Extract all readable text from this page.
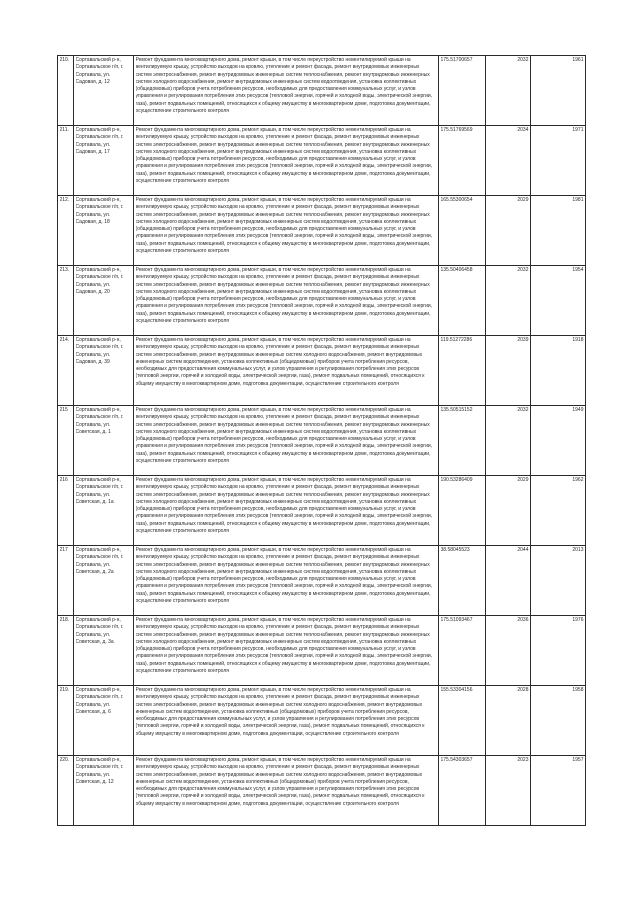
210.	Сортавальский р-н, Сортавальское г/п, г. Сортавала, ул. Садовая, д. 12	Ремонт фундамента многоквартирного дома, ремонт крыши, в том числе переустройство невентилируемой крыши на вентилируемую крышу, устройство выходов на кровлю, утепление и ремонт фасада, ремонт внутридомовых инженерных систем электроснабжения, ремонт внутридомовых инженерных систем теплоснабжения, ремонт внутридомовых инженерных систем холодного водоснабжения, ремонт внутридомовых инженерных систем водоотведения, установка коллективных (общедомовых) приборов учета потребления ресурсов, необходимых для предоставления коммунальных услуг, и узлов управления и регулирования потребления этих ресурсов (тепловой энергии, горячей и холодной воды, электрической энергии, газа), ремонт подвальных помещений, относящихся к общему имуществу в многоквартирном доме, подготовка документации, осуществление строительного контроля	175.51700657	2032	1961

211.	Сортавальский р-н, Сортавальское г/п, г. Сортавала, ул. Садовая, д. 17	Ремонт фундамента многоквартирного дома, ремонт крыши, в том числе переустройство невентилируемой крыши на вентилируемую крышу, устройство выходов на кровлю, утепление и ремонт фасада, ремонт внутридомовых инженерных систем электроснабжения, ремонт внутридомовых инженерных систем теплоснабжения, ремонт внутридомовых инженерных систем холодного водоснабжения, ремонт внутридомовых инженерных систем водоотведения, установка коллективных (общедомовых) приборов учета потребления ресурсов, необходимых для предоставления коммунальных услуг, и узлов управления и регулирования потребления этих ресурсов (тепловой энергии, горячей и холодной воды, электрической энергии, газа), ремонт подвальных помещений, относящихся к общему имуществу в многоквартирном доме, подготовка документации, осуществление строительного контроля	175.51769569	2034	1971

212.	Сортавальский р-н, Сортавальское г/п, г. Сортавала, ул. Садовая, д. 18	Ремонт фундамента многоквартирного дома, ремонт крыши, в том числе переустройство невентилируемой крыши на вентилируемую крышу, устройство выходов на кровлю, утепление и ремонт фасада, ремонт внутридомовых инженерных систем электроснабжения, ремонт внутридомовых инженерных систем теплоснабжения, ремонт внутридомовых инженерных систем холодного водоснабжения, ремонт внутридомовых инженерных систем водоотведения, установка коллективных (общедомовых) приборов учета потребления ресурсов, необходимых для предоставления коммунальных услуг, и узлов управления и регулирования потребления этих ресурсов (тепловой энергии, горячей и холодной воды, электрической энергии, газа), ремонт подвальных помещений, относящихся к общему имуществу в многоквартирном доме, подготовка документации, осуществление строительного контроля	165.55300654	2029	1981

213.	Сортавальский р-н, Сортавальское г/п, г. Сортавала, ул. Садовая, д. 20	Ремонт фундамента многоквартирного дома, ремонт крыши, в том числе переустройство невентилируемой крыши на вентилируемую крышу, устройство выходов на кровлю, утепление и ремонт фасада, ремонт внутридомовых инженерных систем электроснабжения, ремонт внутридомовых инженерных систем теплоснабжения, ремонт внутридомовых инженерных систем холодного водоснабжения, ремонт внутридомовых инженерных систем водоотведения, установка коллективных (общедомовых) приборов учета потребления ресурсов, необходимых для предоставления коммунальных услуг, и узлов управления и регулирования потребления этих ресурсов (тепловой энергии, горячей и холодной воды, электрической энергии, газа), ремонт подвальных помещений, относящихся к общему имуществу в многоквартирном доме, подготовка документации, осуществление строительного контроля	135.50406458	2032	1954

214.	Сортавальский р-н, Сортавальское г/п, г. Сортавала, ул. Садовая, д. 39	Ремонт фундамента многоквартирного дома, ремонт крыши, в том числе переустройство невентилируемой крыши на вентилируемую крышу, устройство выходов на кровлю, утепление и ремонт фасада, ремонт внутридомовых инженерных систем электроснабжения, ремонт внутридомовых инженерных систем холодного водоснабжения, ремонт внутридомовых инженерных систем водоотведения, установка коллективных (общедомовых) приборов учета потребления ресурсов, необходимых для предоставления коммунальных услуг, и узлов управления и регулирования потребления этих ресурсов (тепловой энергии, горячей и холодной воды, электрической энергии, газа), ремонт подвальных помещений, относящихся к общему имуществу в многоквартирном доме, подготовка документации, осуществление строительного контроля	119.51272286	2039	1918

215	Сортавальский р-н, Сортавальское г/п, г. Сортавала, ул. Советская, д. 1	Ремонт фундамента многоквартирного дома, ремонт крыши, в том числе переустройство невентилируемой крыши на вентилируемую крышу, устройство выходов на кровлю, утепление и ремонт фасада, ремонт внутридомовых инженерных систем электроснабжения, ремонт внутридомовых инженерных систем теплоснабжения, ремонт внутридомовых инженерных систем холодного водоснабжения, ремонт внутридомовых инженерных систем водоотведения, установка коллективных (общедомовых) приборов учета потребления ресурсов, необходимых для предоставления коммунальных услуг, и узлов управления и регулирования потребления этих ресурсов (тепловой энергии, горячей и холодной воды, электрической энергии, газа), ремонт подвальных помещений, относящихся к общему имуществу в многоквартирном доме, подготовка документации, осуществление строительного контроля	135.50515152	2032	1949

216	Сортавальский р-н, Сортавальское г/п, г. Сортавала, ул. Советская, д. 1а	Ремонт фундамента многоквартирного дома, ремонт крыши, в том числе переустройство невентилируемой крыши на вентилируемую крышу, устройство выходов на кровлю, утепление и ремонт фасада, ремонт внутридомовых инженерных систем электроснабжения, ремонт внутридомовых инженерных систем теплоснабжения, ремонт внутридомовых инженерных систем холодного водоснабжения, ремонт внутридомовых инженерных систем водоотведения, установка коллективных (общедомовых) приборов учета потребления ресурсов, необходимых для предоставления коммунальных услуг, и узлов управления и регулирования потребления этих ресурсов (тепловой энергии, горячей и холодной воды, электрической энергии, газа), ремонт подвальных помещений, относящихся к общему имуществу в многоквартирном доме, подготовка документации, осуществление строительного контроля	190.53286409	2029	1962

217	Сортавальский р-н, Сортавальское г/п, г. Сортавала, ул. Советская, д. 2а	Ремонт фундамента многоквартирного дома, ремонт крыши, в том числе переустройство невентилируемой крыши на вентилируемую крышу, устройство выходов на кровлю, утепление и ремонт фасада, ремонт внутридомовых инженерных систем электроснабжения, ремонт внутридомовых инженерных систем теплоснабжения, ремонт внутридомовых инженерных систем холодного водоснабжения, ремонт внутридомовых инженерных систем водоотведения, установка коллективных (общедомовых) приборов учета потребления ресурсов, необходимых для предоставления коммунальных услуг, и узлов управления и регулирования потребления этих ресурсов (тепловой энергии, горячей и холодной воды, электрической энергии, газа), ремонт подвальных помещений, относящихся к общему имуществу в многоквартирном доме, подготовка документации, осуществление строительного контроля	38.58045523	2044	2013

218.	Сортавальский р-н, Сортавальское г/п, г. Сортавала, ул. Советская, д. 3а	Ремонт фундамента многоквартирного дома, ремонт крыши, в том числе переустройство невентилируемой крыши на вентилируемую крышу, устройство выходов на кровлю, утепление и ремонт фасада, ремонт внутридомовых инженерных систем электроснабжения, ремонт внутридомовых инженерных систем теплоснабжения, ремонт внутридомовых инженерных систем холодного водоснабжения, ремонт внутридомовых инженерных систем водоотведения, установка коллективных (общедомовых) приборов учета потребления ресурсов, необходимых для предоставления коммунальных услуг, и узлов управления и регулирования потребления этих ресурсов (тепловой энергии, горячей и холодной воды, электрической энергии, газа), ремонт подвальных помещений, относящихся к общему имуществу в многоквартирном доме, подготовка документации, осуществление строительного контроля	175.51093467	2036	1976

219.	Сортавальский р-н, Сортавальское г/п, г. Сортавала, ул. Советская, д. 6	Ремонт фундамента многоквартирного дома, ремонт крыши, в том числе переустройство невентилируемой крыши на вентилируемую крышу, устройство выходов на кровлю, утепление и ремонт фасада, ремонт внутридомовых инженерных систем электроснабжения, ремонт внутридомовых инженерных систем холодного водоснабжения, ремонт внутридомовых инженерных систем водоотведения, установка коллективных (общедомовых) приборов учета потребления ресурсов, необходимых для предоставления коммунальных услуг, и узлов управления и регулирования потребления этих ресурсов (тепловой энергии, горячей и холодной воды, электрической энергии, газа), ремонт подвальных помещений, относящихся к общему имуществу в многоквартирном доме, подготовка документации, осуществление строительного контроля	155.53304156	2028	1958

220.	Сортавальский р-н, Сортавальское г/п, г. Сортавала, ул. Советская, д. 12	Ремонт фундамента многоквартирного дома, ремонт крыши, в том числе переустройство невентилируемой крыши на вентилируемую крышу, устройство выходов на кровлю, утепление и ремонт фасада, ремонт внутридомовых инженерных систем электроснабжения, ремонт внутридомовых инженерных систем холодного водоснабжения, ремонт внутридомовых инженерных систем водоотведения, установка коллективных (общедомовых) приборов учета потребления ресурсов, необходимых для предоставления коммунальных услуг, и узлов управления и регулирования потребления этих ресурсов (тепловой энергии, горячей и холодной воды, электрической энергии, газа), ремонт подвальных помещений, относящихся к общему имуществу в многоквартирном доме, подготовка документации, осуществление строительного контроля	175.54303657	2023	1957
